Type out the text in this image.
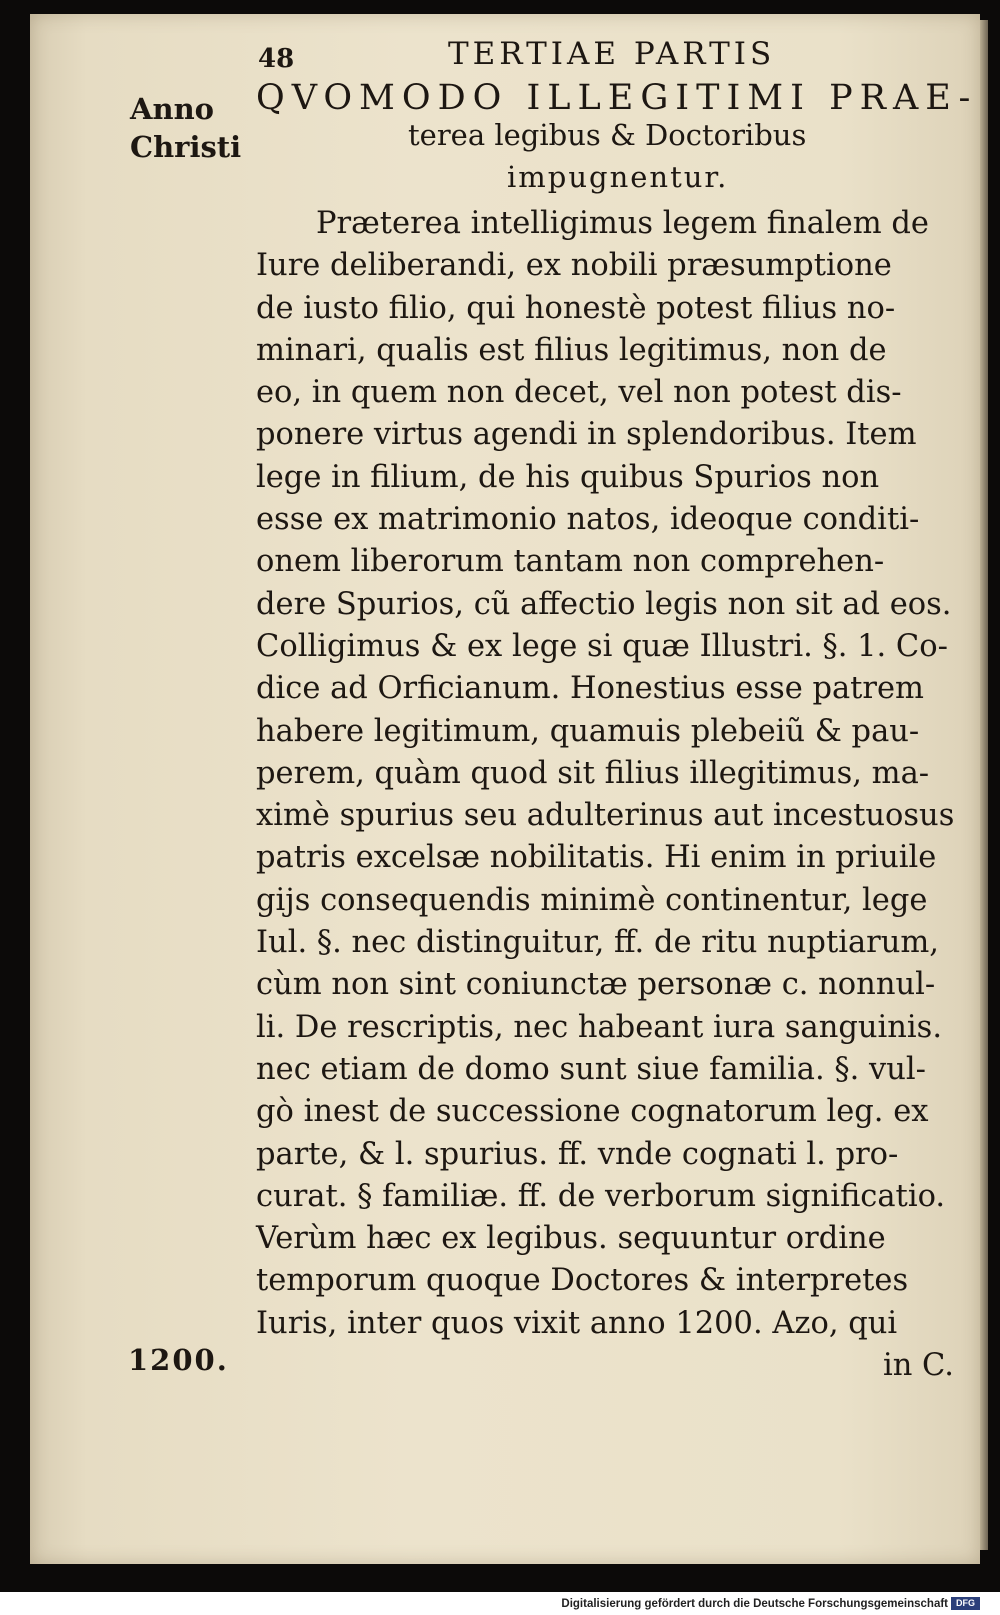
48	TERTIAE PARTIS
QVOMODO ILLEGITIMI PRAE-
terea legibus & Doctoribus
impugnentur.
Anno
Christi
1200.
Præterea intelligimus legem finalem de
Iure deliberandi, ex nobili præsumptione
de iusto filio, qui honestè potest filius no-
minari, qualis est filius legitimus, non de
eo, in quem non decet, vel non potest dis-
ponere virtus agendi in splendoribus. Item
lege in filium, de his quibus Spurios non
esse ex matrimonio natos, ideoque conditi-
onem liberorum tantam non comprehen-
dere Spurios, cũ affectio legis non sit ad eos.
Colligimus & ex lege si quæ Illustri. §. 1. Co-
dice ad Orficianum. Honestius esse patrem
habere legitimum, quamuis plebeiũ & pau-
perem, quàm quod sit filius illegitimus, ma-
ximè spurius seu adulterinus aut incestuosus
patris excelsæ nobilitatis. Hi enim in priuile
gijs consequendis minimè continentur, lege
Iul. §. nec distinguitur, ff. de ritu nuptiarum,
cùm non sint coniunctæ personæ c. nonnul-
li. De rescriptis, nec habeant iura sanguinis.
nec etiam de domo sunt siue familia. §. vul-
gò inest de successione cognatorum leg. ex
parte, & l. spurius. ff. vnde cognati l. pro-
curat. § familiæ. ff. de verborum significatio.
Verùm hæc ex legibus. sequuntur ordine
temporum quoque Doctores & interpretes
Iuris, inter quos vixit anno 1200. Azo, qui
in C.
Digitalisierung gefördert durch die Deutsche Forschungsgemeinschaft DFG
